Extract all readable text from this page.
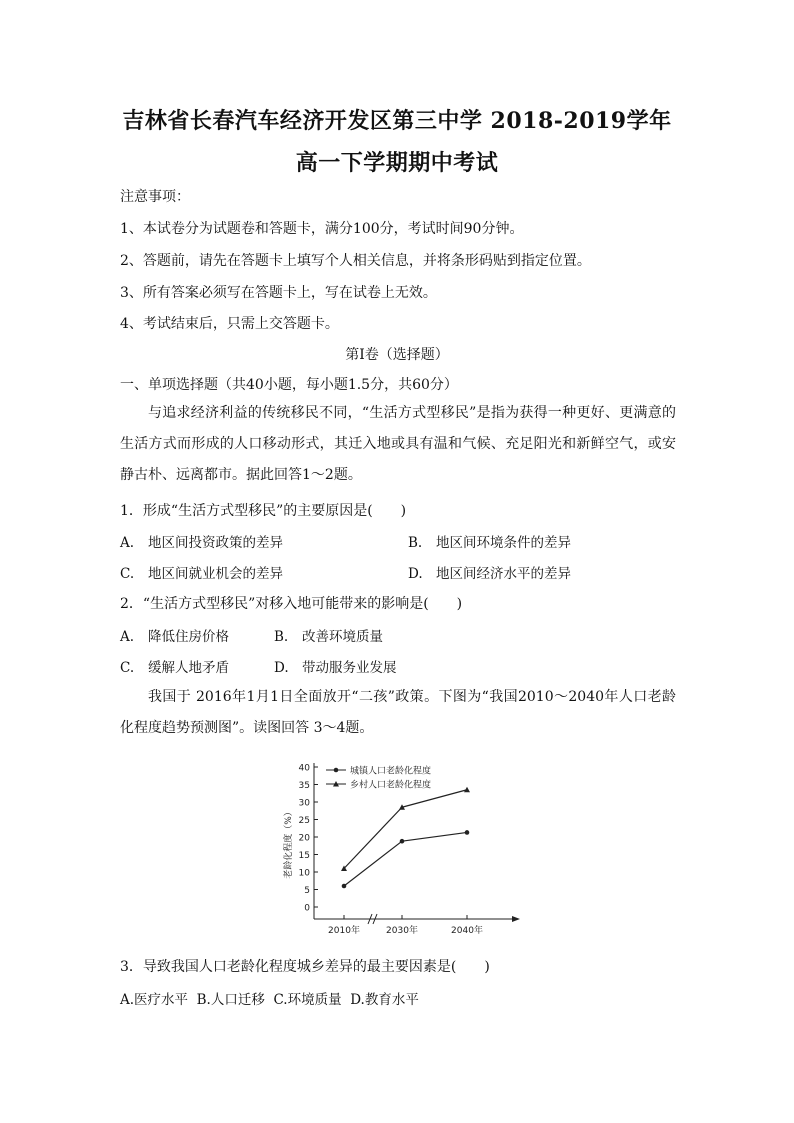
吉林省长春汽车经济开发区第三中学 2018-2019学年
高一下学期期中考试
注意事项：
1、本试卷分为试题卷和答题卡，满分100分，考试时间90分钟。
2、答题前，请先在答题卡上填写个人相关信息，并将条形码贴到指定位置。
3、所有答案必须写在答题卡上，写在试卷上无效。
4、考试结束后，只需上交答题卡。
第Ⅰ卷（选择题）
一、单项选择题（共40小题，每小题1.5分，共60分）
与追求经济利益的传统移民不同，“生活方式型移民”是指为获得一种更好、更满意的生活方式而形成的人口移动形式，其迁入地或具有温和气候、充足阳光和新鲜空气，或安静古朴、远离都市。据此回答1～2题。
1．形成“生活方式型移民”的主要原因是(　　)
A. 地区间投资政策的差异	B. 地区间环境条件的差异
C. 地区间就业机会的差异	D. 地区间经济水平的差异
2．“生活方式型移民”对移入地可能带来的影响是(　　)
A. 降低住房价格	B. 改善环境质量
C. 缓解人地矛盾	D. 带动服务业发展
我国于 2016年1月1日全面放开“二孩”政策。下图为“我国2010～2040年人口老龄化程度趋势预测图”。读图回答 3～4题。
0
5
10
15
20
25
30
35
40
2010年	2030年	2040年
老龄化程度（%）
城镇人口老龄化程度
乡村人口老龄化程度
3．导致我国人口老龄化程度城乡差异的最主要因素是(　　)
A.医疗水平 B.人口迁移 C.环境质量 D.教育水平
